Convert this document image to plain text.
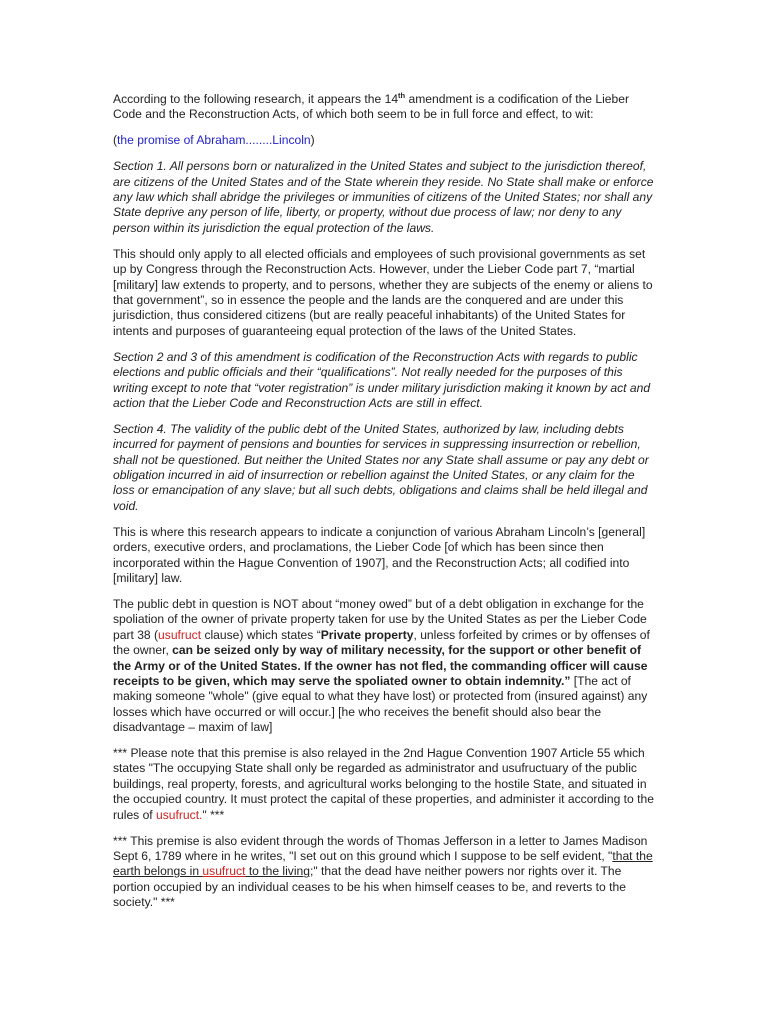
According to the following research, it appears the 14th amendment is a codification of the Lieber Code and the Reconstruction Acts, of which both seem to be in full force and effect, to wit:

(the promise of Abraham........Lincoln)

Section 1. All persons born or naturalized in the United States and subject to the jurisdiction thereof, are citizens of the United States and of the State wherein they reside. No State shall make or enforce any law which shall abridge the privileges or immunities of citizens of the United States; nor shall any State deprive any person of life, liberty, or property, without due process of law; nor deny to any person within its jurisdiction the equal protection of the laws.

This should only apply to all elected officials and employees of such provisional governments as set up by Congress through the Reconstruction Acts. However, under the Lieber Code part 7, “martial [military] law extends to property, and to persons, whether they are subjects of the enemy or aliens to that government”, so in essence the people and the lands are the conquered and are under this jurisdiction, thus considered citizens (but are really peaceful inhabitants) of the United States for intents and purposes of guaranteeing equal protection of the laws of the United States.

Section 2 and 3 of this amendment is codification of the Reconstruction Acts with regards to public elections and public officials and their “qualifications”. Not really needed for the purposes of this writing except to note that “voter registration” is under military jurisdiction making it known by act and action that the Lieber Code and Reconstruction Acts are still in effect.

Section 4. The validity of the public debt of the United States, authorized by law, including debts incurred for payment of pensions and bounties for services in suppressing insurrection or rebellion, shall not be questioned. But neither the United States nor any State shall assume or pay any debt or obligation incurred in aid of insurrection or rebellion against the United States, or any claim for the loss or emancipation of any slave; but all such debts, obligations and claims shall be held illegal and void.

This is where this research appears to indicate a conjunction of various Abraham Lincoln’s [general] orders, executive orders, and proclamations, the Lieber Code [of which has been since then incorporated within the Hague Convention of 1907], and the Reconstruction Acts; all codified into [military] law.

The public debt in question is NOT about “money owed” but of a debt obligation in exchange for the spoliation of the owner of private property taken for use by the United States as per the Lieber Code part 38 (usufruct clause) which states “Private property, unless forfeited by crimes or by offenses of the owner, can be seized only by way of military necessity, for the support or other benefit of the Army or of the United States. If the owner has not fled, the commanding officer will cause receipts to be given, which may serve the spoliated owner to obtain indemnity.” [The act of making someone "whole" (give equal to what they have lost) or protected from (insured against) any losses which have occurred or will occur.] [he who receives the benefit should also bear the disadvantage – maxim of law]

*** Please note that this premise is also relayed in the 2nd Hague Convention 1907 Article 55 which states "The occupying State shall only be regarded as administrator and usufructuary of the public buildings, real property, forests, and agricultural works belonging to the hostile State, and situated in the occupied country. It must protect the capital of these properties, and administer it according to the rules of usufruct." ***

*** This premise is also evident through the words of Thomas Jefferson in a letter to James Madison Sept 6, 1789 where in he writes, "I set out on this ground which I suppose to be self evident, "that the earth belongs in usufruct to the living;" that the dead have neither powers nor rights over it. The portion occupied by an individual ceases to be his when himself ceases to be, and reverts to the society." ***
